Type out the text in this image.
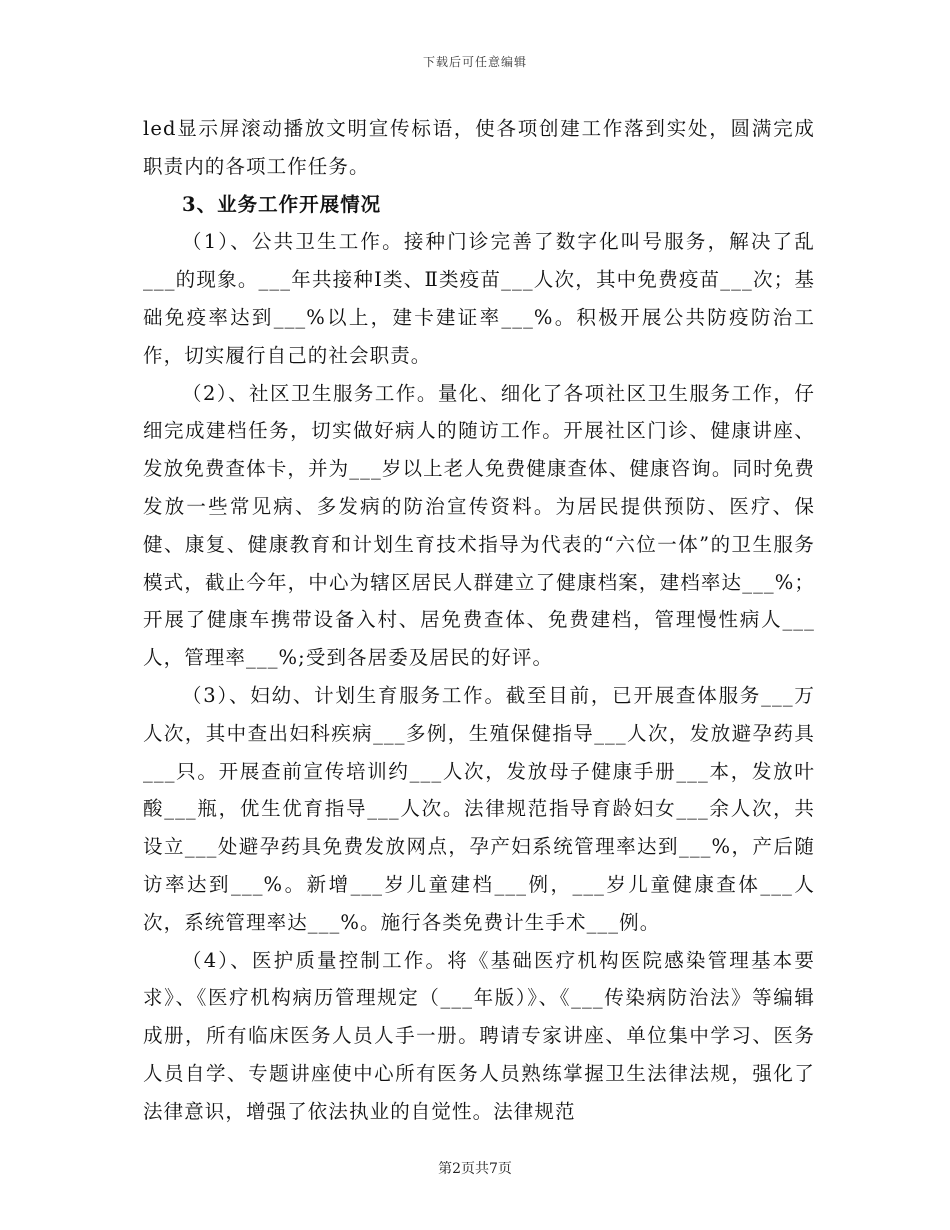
下载后可任意编辑

led显示屏滚动播放文明宣传标语，使各项创建工作落到实处，圆满完成职责内的各项工作任务。

3、业务工作开展情况

（1）、公共卫生工作。接种门诊完善了数字化叫号服务，解决了乱___的现象。___年共接种Ⅰ类、Ⅱ类疫苗___人次，其中免费疫苗___次；基础免疫率达到___%以上，建卡建证率___%。积极开展公共防疫防治工作，切实履行自己的社会职责。

（2）、社区卫生服务工作。量化、细化了各项社区卫生服务工作，仔细完成建档任务，切实做好病人的随访工作。开展社区门诊、健康讲座、发放免费查体卡，并为___岁以上老人免费健康查体、健康咨询。同时免费发放一些常见病、多发病的防治宣传资料。为居民提供预防、医疗、保健、康复、健康教育和计划生育技术指导为代表的“六位一体”的卫生服务模式，截止今年，中心为辖区居民人群建立了健康档案，建档率达___%；开展了健康车携带设备入村、居免费查体、免费建档，管理慢性病人___人，管理率___%;受到各居委及居民的好评。

（3）、妇幼、计划生育服务工作。截至目前，已开展查体服务___万人次，其中查出妇科疾病___多例，生殖保健指导___人次，发放避孕药具___只。开展查前宣传培训约___人次，发放母子健康手册___本，发放叶酸___瓶，优生优育指导___人次。法律规范指导育龄妇女___余人次，共设立___处避孕药具免费发放网点，孕产妇系统管理率达到___%，产后随访率达到___%。新增___岁儿童建档___例，___岁儿童健康查体___人次，系统管理率达___%。施行各类免费计生手术___例。

（4）、医护质量控制工作。将《基础医疗机构医院感染管理基本要求》、《医疗机构病历管理规定（___年版）》、《___传染病防治法》等编辑成册，所有临床医务人员人手一册。聘请专家讲座、单位集中学习、医务人员自学、专题讲座使中心所有医务人员熟练掌握卫生法律法规，强化了法律意识，增强了依法执业的自觉性。法律规范

第2页共7页
